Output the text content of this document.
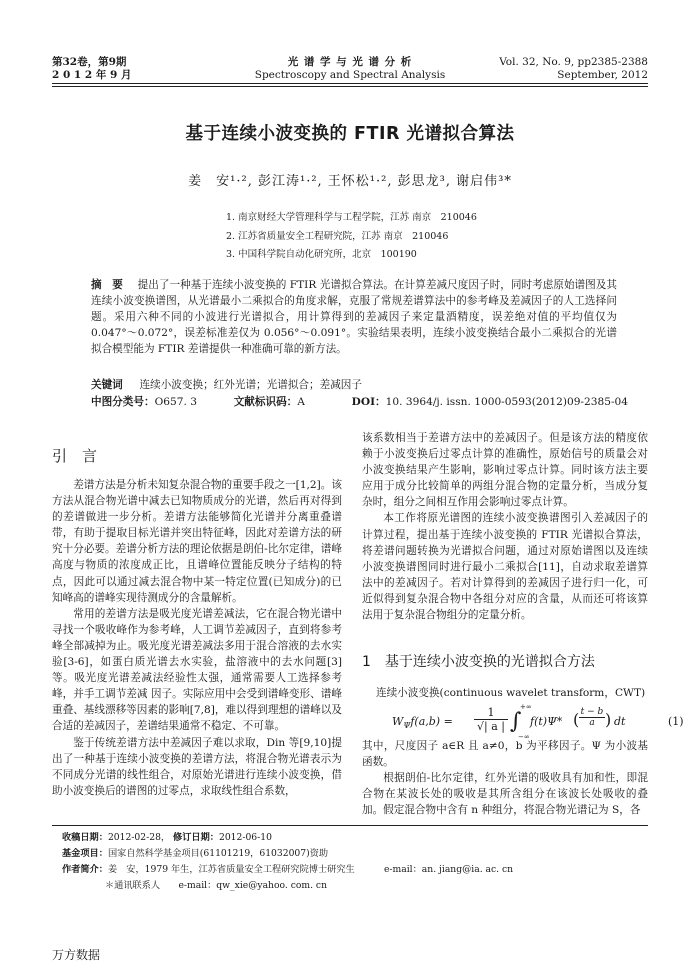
第32卷，第9期
2 0 1 2 年 9 月
光 谱 学 与 光 谱 分 析
Spectroscopy and Spectral Analysis
Vol. 32, No. 9, pp2385-2388
September, 2012
基于连续小波变换的 FTIR 光谱拟合算法
姜　安¹·², 彭江涛¹·², 王怀松¹·², 彭思龙³, 谢启伟³*
1. 南京财经大学管理科学与工程学院，江苏 南京　210046
2. 江苏省质量安全工程研究院，江苏 南京　210046
3. 中国科学院自动化研究所，北京　100190
摘　要 提出了一种基于连续小波变换的 FTIR 光谱拟合算法。在计算差减尺度因子时，同时考虑原始谱图及其连续小波变换谱图，从光谱最小二乘拟合的角度求解，克服了常规差谱算法中的参考峰及差减因子的人工选择问题。采用六种不同的小波进行光谱拟合，用计算得到的差减因子来定量酒精度，误差绝对值的平均值仅为 0.047°～0.072°，误差标准差仅为 0.056°～0.091°。实验结果表明，连续小波变换结合最小二乘拟合的光谱拟合模型能为 FTIR 差谱提供一种准确可靠的新方法。
关键词 连续小波变换；红外光谱；光谱拟合；差减因子
中图分类号：O657. 3	文献标识码：A	DOI：10. 3964/j. issn. 1000-0593(2012)09-2385-04
引　言

差谱方法是分析未知复杂混合物的重要手段之一[1,2]。该方法从混合物光谱中减去已知物质成分的光谱，然后再对得到的差谱做进一步分析。差谱方法能够简化光谱并分离重叠谱带，有助于提取目标光谱并突出特征峰，因此对差谱方法的研究十分必要。差谱分析方法的理论依据是朗伯-比尔定律，谱峰高度与物质的浓度成正比，且谱峰位置能反映分子结构的特点，因此可以通过减去混合物中某一特定位置(已知成分)的已知峰高的谱峰实现待测成分的含量解析。

常用的差谱方法是吸光度光谱差减法，它在混合物光谱中寻找一个吸收峰作为参考峰，人工调节差减因子，直到将参考峰全部减掉为止。吸光度光谱差减法多用于混合溶液的去水实验[3-6]，如蛋白质光谱去水实验，盐溶液中的去水问题[3]等。吸光度光谱差减法经验性太强，通常需要人工选择参考峰，并手工调节差减 因子。实际应用中会受到谱峰变形、谱峰重叠、基线漂移等因素的影响[7,8]，难以得到理想的谱峰以及合适的差减因子，差谱结果通常不稳定、不可靠。

鉴于传统差谱方法中差减因子难以求取，Din 等[9,10]提出了一种基于连续小波变换的差谱方法，将混合物光谱表示为不同成分光谱的线性组合，对原始光谱进行连续小波变换，借助小波变换后的谱图的过零点，求取线性组合系数，

该系数相当于差谱方法中的差减因子。但是该方法的精度依赖于小波变换后过零点计算的准确性，原始信号的质量会对小波变换结果产生影响，影响过零点计算。同时该方法主要应用于成分比较简单的两组分混合物的定量分析，当成分复杂时，组分之间相互作用会影响过零点计算。

本工作将原光谱图的连续小波变换谱图引入差减因子的计算过程，提出基于连续小波变换的 FTIR 光谱拟合算法，将差谱问题转换为光谱拟合问题，通过对原始谱图以及连续小波变换谱图同时进行最小二乘拟合[11]，自动求取差谱算法中的差减因子。若对计算得到的差减因子进行归一化，可近似得到复杂混合物中各组分对应的含量，从而还可将该算法用于复杂混合物组分的定量分析。

1　基于连续小波变换的光谱拟合方法
连续小波变换(continuous wavelet transform，CWT)
$W_\Psi f(a,b) = \frac{1}{√| a |}$ ∫
+∞
−∞
f(t)Ψ* ( $\frac{t - b}{a}$ ) dt	(1)

其中，尺度因子 a∈R 且 a≠0，b 为平移因子。Ψ 为小波基函数。

根据朗伯-比尔定律，红外光谱的吸收具有加和性，即混合物在某波长处的吸收是其所含组分在该波长处吸收的叠加。假定混合物中含有 n 种组分，将混合物光谱记为 S，各

收稿日期：2012-02-28， 修订日期：2012-06-10
基金项目：国家自然科学基金项目(61101219，61032007)资助
作者简介：姜　安，1979 年生，江苏省质量安全工程研究院博士研究生	e-mail：an. jiang@ia. ac. cn
＊通讯联系人　　e-mail：qw_xie@yahoo. com. cn
万方数据
